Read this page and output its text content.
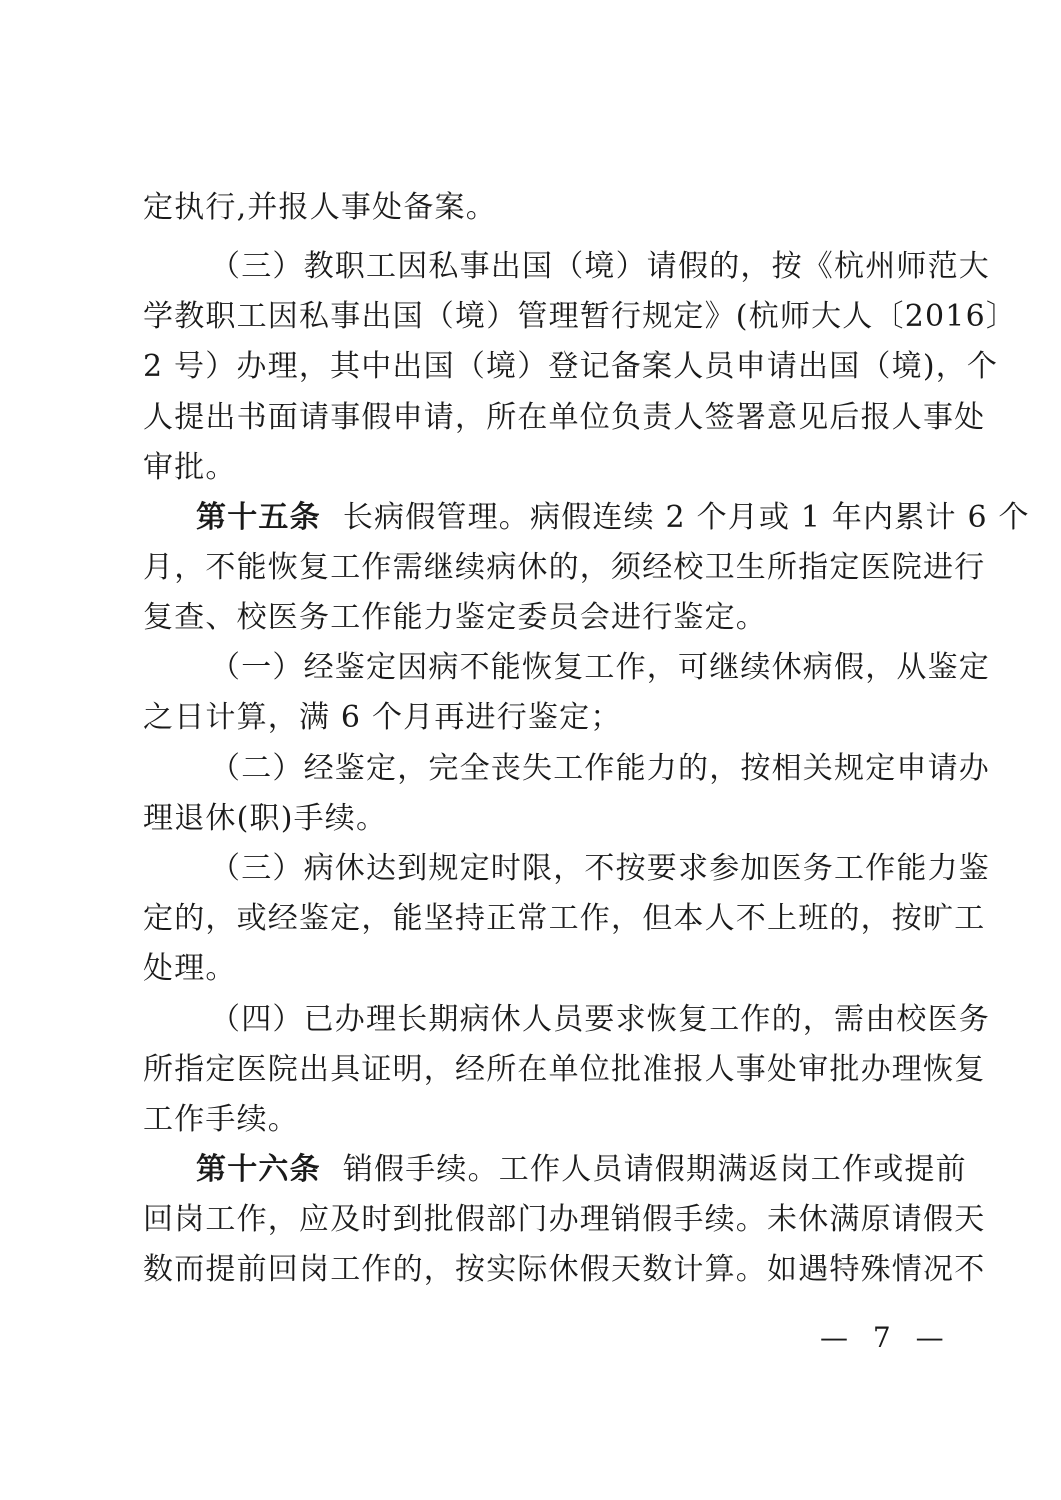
定执行,并报人事处备案。
（三）教职工因私事出国（境）请假的，按《杭州师范大
学教职工因私事出国（境）管理暂行规定》(杭师大人〔2016〕
2 号）办理，其中出国（境）登记备案人员申请出国（境)，个
人提出书面请事假申请，所在单位负责人签署意见后报人事处
审批。
第十五条 长病假管理。病假连续 2 个月或 1 年内累计 6 个
月，不能恢复工作需继续病休的，须经校卫生所指定医院进行
复查、校医务工作能力鉴定委员会进行鉴定。
（一）经鉴定因病不能恢复工作，可继续休病假，从鉴定
之日计算，满 6 个月再进行鉴定；
（二）经鉴定，完全丧失工作能力的，按相关规定申请办
理退休(职)手续。
（三）病休达到规定时限，不按要求参加医务工作能力鉴
定的，或经鉴定，能坚持正常工作，但本人不上班的，按旷工
处理。
（四）已办理长期病休人员要求恢复工作的，需由校医务
所指定医院出具证明，经所在单位批准报人事处审批办理恢复
工作手续。
第十六条 销假手续。工作人员请假期满返岗工作或提前
回岗工作，应及时到批假部门办理销假手续。未休满原请假天
数而提前回岗工作的，按实际休假天数计算。如遇特殊情况不
— 7 —
